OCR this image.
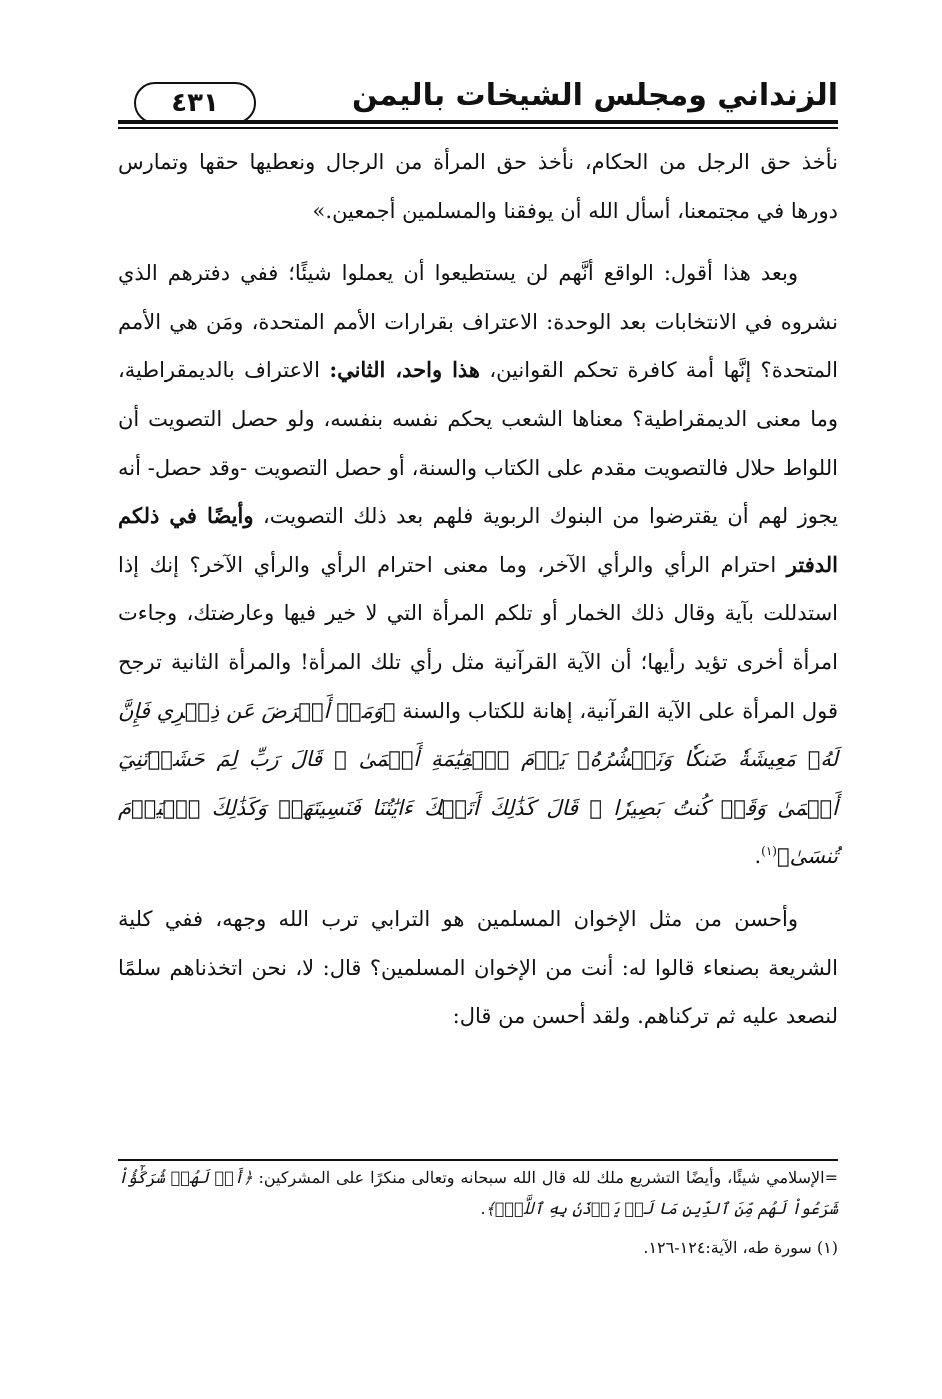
الزنداني ومجلس الشيخات باليمن
٤٣١

نأخذ حق الرجل من الحكام، نأخذ حق المرأة من الرجال ونعطيها حقها وتمارس دورها في مجتمعنا، أسأل الله أن يوفقنا والمسلمين أجمعين.»

وبعد هذا أقول: الواقع أنَّهم لن يستطيعوا أن يعملوا شيئًا؛ ففي دفترهم الذي نشروه في الانتخابات بعد الوحدة: الاعتراف بقرارات الأمم المتحدة، ومَن هي الأمم المتحدة؟ إنَّها أمة كافرة تحكم القوانين، هذا واحد، الثاني: الاعتراف بالديمقراطية، وما معنى الديمقراطية؟ معناها الشعب يحكم نفسه بنفسه، ولو حصل التصويت أن اللواط حلال فالتصويت مقدم على الكتاب والسنة، أو حصل التصويت -وقد حصل- أنه يجوز لهم أن يقترضوا من البنوك الربوية فلهم بعد ذلك التصويت، وأيضًا في ذلكم الدفتر احترام الرأي والرأي الآخر، وما معنى احترام الرأي والرأي الآخر؟ إنك إذا استدللت بآية وقال ذلك الخمار أو تلكم المرأة التي لا خير فيها وعارضتك، وجاءت امرأة أخرى تؤيد رأيها؛ أن الآية القرآنية مثل رأي تلك المرأة! والمرأة الثانية ترجح قول المرأة على الآية القرآنية، إهانة للكتاب والسنة ﴿وَمَنۡ أَعۡرَضَ عَن ذِكۡرِي فَإِنَّ لَهُۥ مَعِيشَةٗ ضَنكٗا وَنَحۡشُرُهُۥ يَوۡمَ ٱلۡقِيَٰمَةِ أَعۡمَىٰ ۞ قَالَ رَبِّ لِمَ حَشَرۡتَنِيٓ أَعۡمَىٰ وَقَدۡ كُنتُ بَصِيرٗا ۞ قَالَ كَذَٰلِكَ أَتَتۡكَ ءَايَٰتُنَا فَنَسِيتَهَاۖ وَكَذَٰلِكَ ٱلۡيَوۡمَ تُنسَىٰ﴾$^{(١)}$.

وأحسن من مثل الإخوان المسلمين هو الترابي ترب الله وجهه، ففي كلية الشريعة بصنعاء قالوا له: أنت من الإخوان المسلمين؟ قال: لا، نحن اتخذناهم سلمًا لنصعد عليه ثم تركناهم. ولقد أحسن من قال:

=الإسلامي شيئًا، وأيضًا التشريع ملك لله قال الله سبحانه وتعالى منكرًا على المشركين: ﴿أَمۡ لَهُمۡ شُرَكَٰٓؤُاْ شَرَعُواْ لَهُم مِّنَ ٱلدِّينِ مَا لَمۡ يَأۡذَنۢ بِهِ ٱللَّهُۚ﴾.

(١) سورة طه، الآية:١٢٤-١٢٦.
